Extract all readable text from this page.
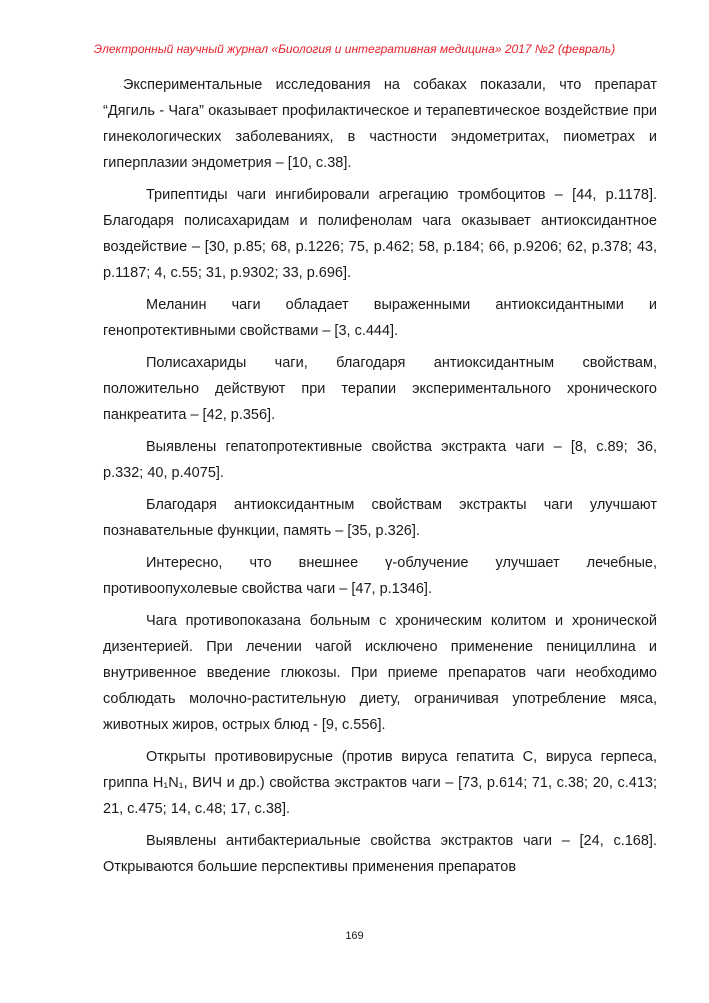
Электронный научный журнал «Биология и интегративная медицина» 2017 №2 (февраль)

Экспериментальные исследования на собаках показали, что препарат “Дягиль - Чага” оказывает профилактическое и терапевтическое воздействие при гинекологических заболеваниях, в частности эндометритах, пиометрах и гиперплазии эндометрия – [10, с.38].

Трипептиды чаги ингибировали агрегацию тромбоцитов – [44, p.1178]. Благодаря полисахаридам и полифенолам чага оказывает антиоксидантное воздействие – [30, p.85; 68, p.1226; 75, p.462; 58, p.184; 66, p.9206; 62, p.378; 43, p.1187; 4, c.55; 31, p.9302; 33, p.696].

Меланин чаги обладает выраженными антиоксидантными и генопротективными свойствами – [3, с.444].

Полисахариды чаги, благодаря антиоксидантным свойствам, положительно действуют при терапии экспериментального хронического панкреатита – [42, p.356].

Выявлены гепатопротективные свойства экстракта чаги – [8, с.89; 36, p.332; 40, p.4075].

Благодаря антиоксидантным свойствам экстракты чаги улучшают познавательные функции, память – [35, p.326].

Интересно, что внешнее γ-облучение улучшает лечебные, противоопухолевые свойства чаги – [47, p.1346].

Чага противопоказана больным с хроническим колитом и хронической дизентерией. При лечении чагой исключено применение пенициллина и внутривенное введение глюкозы. При приеме препаратов чаги необходимо соблюдать молочно-растительную диету, ограничивая употребление мяса, животных жиров, острых блюд - [9, с.556].

Открыты противовирусные (против вируса гепатита С, вируса герпеса, гриппа H₁N₁, ВИЧ и др.) свойства экстрактов чаги – [73, p.614; 71, c.38; 20, c.413; 21, c.475; 14, c.48; 17, c.38].

Выявлены антибактериальные свойства экстрактов чаги – [24, с.168]. Открываются большие перспективы применения препаратов

169
